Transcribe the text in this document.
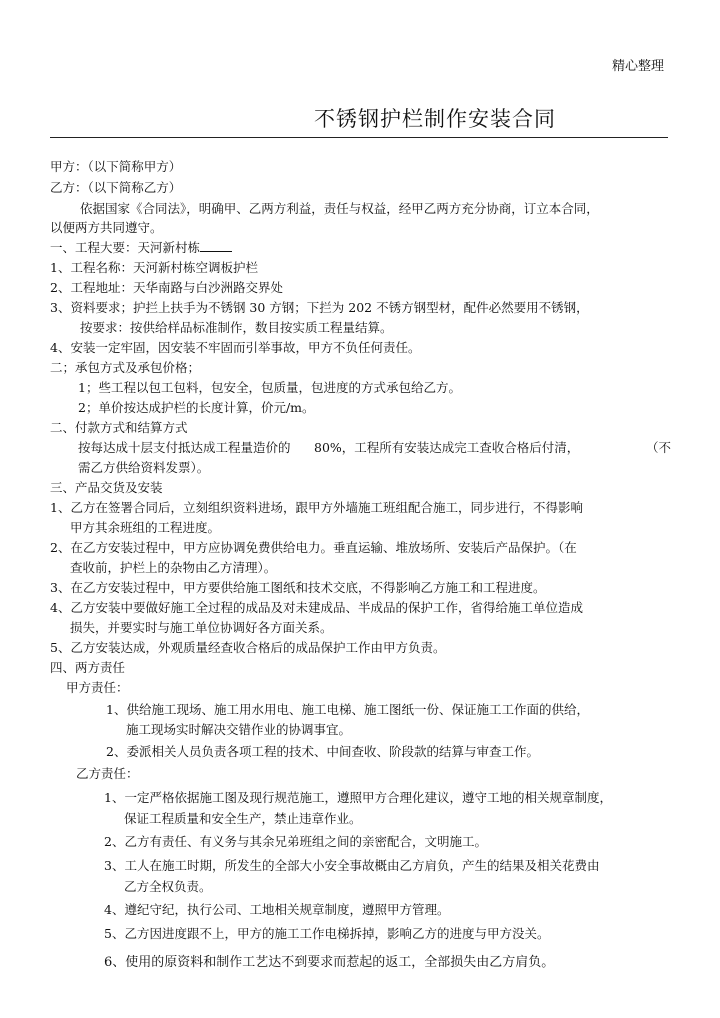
精心整理
不锈钢护栏制作安装合同
甲方：（以下简称甲方）
乙方：（以下简称乙方）
依据国家《合同法》，明确甲、乙两方利益，责任与权益，经甲乙两方充分协商，订立本合同，
以便两方共同遵守。
一、工程大要：天河新村栋
1、工程名称：天河新村栋空调板护栏
2、工程地址：天华南路与白沙洲路交界处
3、资料要求；护拦上扶手为不锈钢 30 方钢；下拦为 202 不锈方钢型材，配件必然要用不锈钢，
按要求：按供给样品标准制作，数目按实质工程量结算。
4、安装一定牢固，因安装不牢固而引举事故，甲方不负任何责任。
二；承包方式及承包价格；
1；些工程以包工包料，包安全，包质量，包进度的方式承包给乙方。
2；单价按达成护栏的长度计算，价元/m。
二、付款方式和结算方式
按每达成十层支付抵达成工程量造价的 80%，工程所有安装达成完工查收合格后付清，	（不
需乙方供给资料发票）。
三、产品交货及安装
1、乙方在签署合同后，立刻组织资料进场，跟甲方外墙施工班组配合施工，同步进行，不得影响
甲方其余班组的工程进度。
2、在乙方安装过程中，甲方应协调免费供给电力。垂直运输、堆放场所、安装后产品保护。（在
查收前，护栏上的杂物由乙方清理）。
3、在乙方安装过程中，甲方要供给施工图纸和技术交底，不得影响乙方施工和工程进度。
4、乙方安装中要做好施工全过程的成品及对未建成品、半成品的保护工作，省得给施工单位造成
损失，并要实时与施工单位协调好各方面关系。
5、乙方安装达成，外观质量经查收合格后的成品保护工作由甲方负责。
四、两方责任
甲方责任：
1、供给施工现场、施工用水用电、施工电梯、施工图纸一份、保证施工工作面的供给，
施工现场实时解决交错作业的协调事宜。
2、委派相关人员负责各项工程的技术、中间查收、阶段款的结算与审查工作。
乙方责任：
1、一定严格依据施工图及现行规范施工，遵照甲方合理化建议，遵守工地的相关规章制度，
保证工程质量和安全生产，禁止违章作业。
2、乙方有责任、有义务与其余兄弟班组之间的亲密配合，文明施工。
3、工人在施工时期，所发生的全部大小安全事故概由乙方肩负，产生的结果及相关花费由
乙方全权负责。
4、遵纪守纪，执行公司、工地相关规章制度，遵照甲方管理。
5、乙方因进度跟不上，甲方的施工工作电梯拆掉，影响乙方的进度与甲方没关。
6、使用的原资料和制作工艺达不到要求而惹起的返工，全部损失由乙方肩负。
